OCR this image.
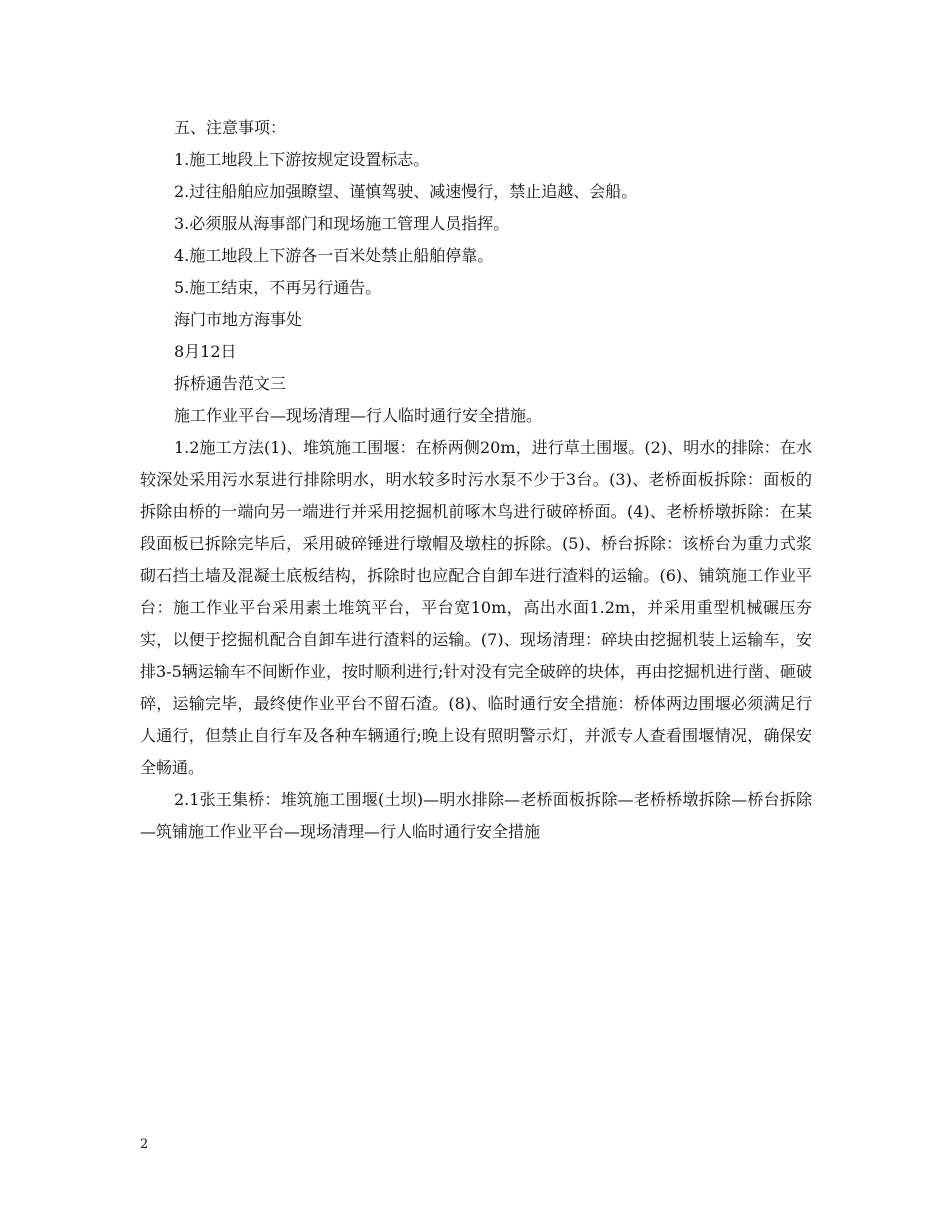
五、注意事项：

1.施工地段上下游按规定设置标志。

2.过往船舶应加强瞭望、谨慎驾驶、减速慢行，禁止追越、会船。

3.必须服从海事部门和现场施工管理人员指挥。

4.施工地段上下游各一百米处禁止船舶停靠。

5.施工结束，不再另行通告。

海门市地方海事处

8月12日

拆桥通告范文三

施工作业平台—现场清理—行人临时通行安全措施。

1.2施工方法(1)、堆筑施工围堰：在桥两侧20m，进行草土围堰。(2)、明水的排除：在水较深处采用污水泵进行排除明水，明水较多时污水泵不少于3台。(3)、老桥面板拆除：面板的拆除由桥的一端向另一端进行并采用挖掘机前啄木鸟进行破碎桥面。(4)、老桥桥墩拆除：在某段面板已拆除完毕后，采用破碎锤进行墩帽及墩柱的拆除。(5)、桥台拆除：该桥台为重力式浆砌石挡土墙及混凝土底板结构，拆除时也应配合自卸车进行渣料的运输。(6)、铺筑施工作业平台：施工作业平台采用素土堆筑平台，平台宽10m，高出水面1.2m，并采用重型机械碾压夯实，以便于挖掘机配合自卸车进行渣料的运输。(7)、现场清理：碎块由挖掘机装上运输车，安排3-5辆运输车不间断作业，按时顺利进行;针对没有完全破碎的块体，再由挖掘机进行凿、砸破碎，运输完毕，最终使作业平台不留石渣。(8)、临时通行安全措施：桥体两边围堰必须满足行人通行，但禁止自行车及各种车辆通行;晚上设有照明警示灯，并派专人查看围堰情况，确保安全畅通。

2.1张王集桥：堆筑施工围堰(土坝)—明水排除—老桥面板拆除—老桥桥墩拆除—桥台拆除—筑铺施工作业平台—现场清理—行人临时通行安全措施

2
